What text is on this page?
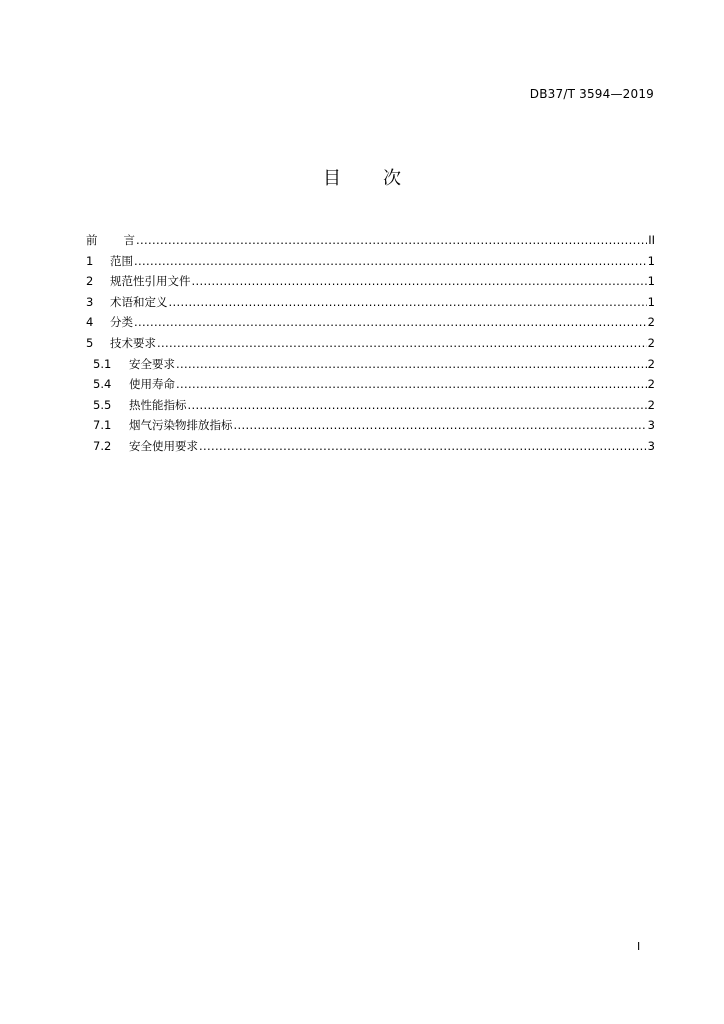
DB37/T 3594—2019
目 次
前 言 .....	II
1	范围 .....	1
2	规范性引用文件 .....	1
3	术语和定义 .....	1
4	分类 .....	2
5	技术要求 .....	2
5.1	安全要求 .....	2
5.4	使用寿命 .....	2
5.5	热性能指标 .....	2
7.1	烟气污染物排放指标 .....	3
7.2	安全使用要求 .....	3
I
